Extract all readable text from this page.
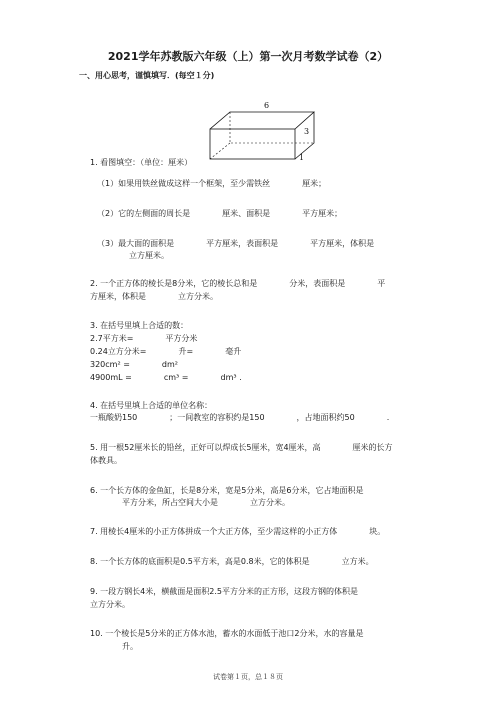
2021学年苏教版六年级（上）第一次月考数学试卷（2）
一、用心思考，谨慎填写．(每空１分)
6
3
1
1. 看图填空：（单位：厘米）
（1）如果用铁丝做成这样一个框架，至少需铁丝　　　　厘米；
（2）它的左侧面的周长是　　　　厘米、面积是　　　　平方厘米；
（3）最大面的面积是　　　　平方厘米，表面积是　　　　平方厘米，体积是
　　　　立方厘米。
2. 一个正方体的棱长是8分米，它的棱长总和是　　　　分米，表面积是　　　　平
方厘米，体积是　　　　立方分米。
3. 在括号里填上合适的数：
2.7平方米=　　　　平方分米
0.24立方分米=　　　　升=　　　　毫升
320cm² =　　　　dm²
4900mL =　　　　cm³ =　　　　dm³ .
4. 在括号里填上合适的单位名称：
一瓶酸奶150　　　　；一间教室的容积约是150　　　　，占地面积约50　　　　.
5. 用一根52厘米长的铅丝，正好可以焊成长5厘米，宽4厘米，高　　　　厘米的长方
体教具。
6. 一个长方体的金鱼缸，长是8分米，宽是5分米，高是6分米，它占地面积是
　　　　平方分米，所占空间大小是　　　　立方分米。
7. 用棱长4厘米的小正方体拼成一个大正方体，至少需这样的小正方体　　　　块。
8. 一个长方体的底面积是0.5平方米，高是0.8米，它的体积是　　　　立方米。
9. 一段方钢长4米，横截面是面积2.5平方分米的正方形，这段方钢的体积是
立方分米。
10. 一个棱长是5分米的正方体水池，蓄水的水面低于池口2分米，水的容量是
　　　　升。
试卷第１页，总１８页
